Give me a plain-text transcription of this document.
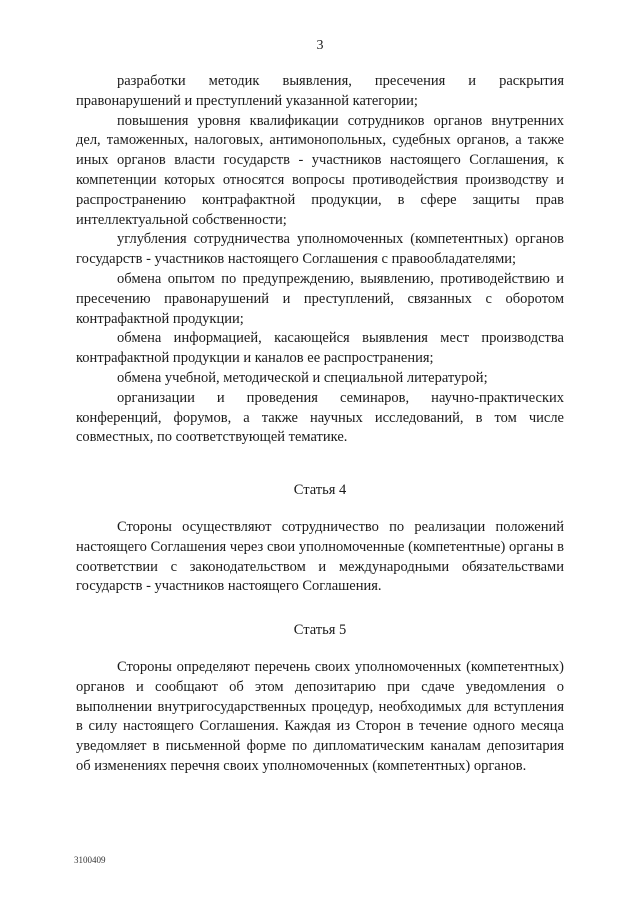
3

разработки методик выявления, пресечения и раскрытия правонарушений и преступлений указанной категории;

повышения уровня квалификации сотрудников органов внутренних дел, таможенных, налоговых, антимонопольных, судебных органов, а также иных органов власти государств - участников настоящего Соглашения, к компетенции которых относятся вопросы противодействия производству и распространению контрафактной продукции, в сфере защиты прав интеллектуальной собственности;

углубления сотрудничества уполномоченных (компетентных) органов государств - участников настоящего Соглашения с правообладателями;

обмена опытом по предупреждению, выявлению, противодействию и пресечению правонарушений и преступлений, связанных с оборотом контрафактной продукции;

обмена информацией, касающейся выявления мест производства контрафактной продукции и каналов ее распространения;

обмена учебной, методической и специальной литературой;

организации и проведения семинаров, научно-практических конференций, форумов, а также научных исследований, в том числе совместных, по соответствующей тематике.

Статья 4

Стороны осуществляют сотрудничество по реализации положений настоящего Соглашения через свои уполномоченные (компетентные) органы в соответствии с законодательством и международными обязательствами государств - участников настоящего Соглашения.

Статья 5

Стороны определяют перечень своих уполномоченных (компетентных) органов и сообщают об этом депозитарию при сдаче уведомления о выполнении внутригосударственных процедур, необходимых для вступления в силу настоящего Соглашения. Каждая из Сторон в течение одного месяца уведомляет в письменной форме по дипломатическим каналам депозитария об изменениях перечня своих уполномоченных (компетентных) органов.

3100409
